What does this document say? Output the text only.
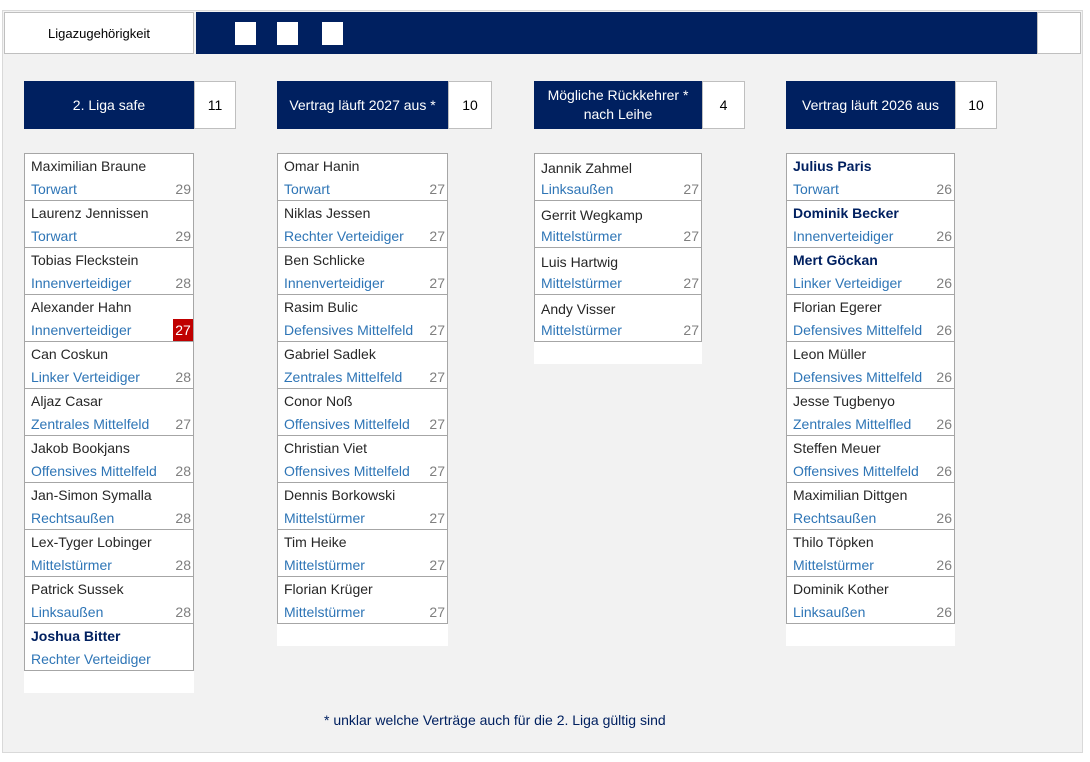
Ligazugehörigkeit
2. Liga safe	11
Maximilian Braune
Torwart	29
Laurenz Jennissen
Torwart	29
Tobias Fleckstein
Innenverteidiger	28
Alexander Hahn
Innenverteidiger	27
Can Coskun
Linker Verteidiger	28
Aljaz Casar
Zentrales Mittelfeld 27
Jakob Bookjans
Offensives Mittelfeld 28
Jan-Simon Symalla
Rechtsaußen	28
Lex-Tyger Lobinger
Mittelstürmer	28
Patrick Sussek
Linksaußen	28
Joshua Bitter
Rechter Verteidiger
Vertrag läuft 2027 aus *	10
Omar Hanin
Torwart	27
Niklas Jessen
Rechter Verteidiger 27
Ben Schlicke
Innenverteidiger	27
Rasim Bulic
Defensives Mittelfeld 27
Gabriel Sadlek
Zentrales Mittelfeld 27
Conor Noß
Offensives Mittelfeld 27
Christian Viet
Offensives Mittelfeld 27
Dennis Borkowski
Mittelstürmer	27
Tim Heike
Mittelstürmer	27
Florian Krüger
Mittelstürmer	27
Mögliche Rückkehrer * nach Leihe
4
Jannik Zahmel
Linksaußen	27
Gerrit Wegkamp
Mittelstürmer	27
Luis Hartwig
Mittelstürmer	27
Andy Visser
Mittelstürmer	27
Vertrag läuft 2026 aus	10
Julius Paris
Torwart	26
Dominik Becker
Innenverteidiger	26
Mert Göckan
Linker Verteidiger 26
Florian Egerer
Defensives Mittelfeld 26
Leon Müller
Defensives Mittelfeld 26
Jesse Tugbenyo
Zentrales Mittelfled 26
Steffen Meuer
Offensives Mittelfeld 26
Maximilian Dittgen
Rechtsaußen	26
Thilo Töpken
Mittelstürmer	26
Dominik Kother
Linksaußen	26
* unklar welche Verträge auch für die 2. Liga gültig sind
